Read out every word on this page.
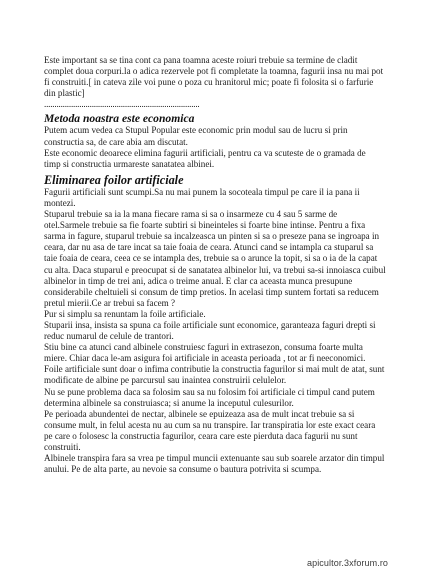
Este important sa se tina cont ca pana toamna aceste roiuri trebuie sa termine de cladit
complet doua corpuri.la o adica rezervele pot fi completate la toamna, fagurii insa nu mai pot
fi construiti.[ in cateva zile voi pune o poza cu hranitorul mic; poate fi folosita si o farfurie
din plastic]

...........................................................................

Metoda noastra este economica

Putem acum vedea ca Stupul Popular este economic prin modul sau de lucru si prin
constructia sa, de care abia am discutat.

Este economic deoarece elimina fagurii artificiali, pentru ca va scuteste de o gramada de
timp si constructia urmareste sanatatea albinei.

Eliminarea foilor artificiale

Fagurii artificiali sunt scumpi.Sa nu mai punem la socoteala timpul pe care il ia pana ii
montezi.

Stuparul trebuie sa ia la mana fiecare rama si sa o insarmeze cu 4 sau 5 sarme de
otel.Sarmele trebuie sa fie foarte subtiri si bineinteles si foarte bine intinse. Pentru a fixa
sarma in fagure, stuparul trebuie sa incalzeasca un pinten si sa o preseze pana se ingroapa in
ceara, dar nu asa de tare incat sa taie foaia de ceara. Atunci cand se intampla ca stuparul sa
taie foaia de ceara, ceea ce se intampla des, trebuie sa o arunce la topit, si sa o ia de la capat
cu alta. Daca stuparul e preocupat si de sanatatea albinelor lui, va trebui sa-si innoiasca cuibul
albinelor in timp de trei ani, adica o treime anual. E clar ca aceasta munca presupune
considerabile cheltuieli si consum de timp pretios. In acelasi timp suntem fortati sa reducem
pretul mierii.Ce ar trebui sa facem ?

Pur si simplu sa renuntam la foile artificiale.

Stuparii insa, insista sa spuna ca foile artificiale sunt economice, garanteaza faguri drepti si
reduc numarul de celule de trantori.

Stiu bine ca atunci cand albinele construiesc faguri in extrasezon, consuma foarte multa
miere. Chiar daca le-am asigura foi artificiale in aceasta perioada , tot ar fi neeconomici.

Foile artificiale sunt doar o infima contributie la constructia fagurilor si mai mult de atat, sunt
modificate de albine pe parcursul sau inaintea construirii celulelor.

Nu se pune problema daca sa folosim sau sa nu folosim foi artificiale ci timpul cand putem
determina albinele sa construiasca; si anume la inceputul culesurilor.

Pe perioada abundentei de nectar, albinele se epuizeaza asa de mult incat trebuie sa si
consume mult, in felul acesta nu au cum sa nu transpire. Iar transpiratia lor este exact ceara
pe care o folosesc la constructia fagurilor, ceara care este pierduta daca fagurii nu sunt
construiti.

Albinele transpira fara sa vrea pe timpul muncii extenuante sau sub soarele arzator din timpul
anului. Pe de alta parte, au nevoie sa consume o bautura potrivita si scumpa.

apicultor.3xforum.ro
